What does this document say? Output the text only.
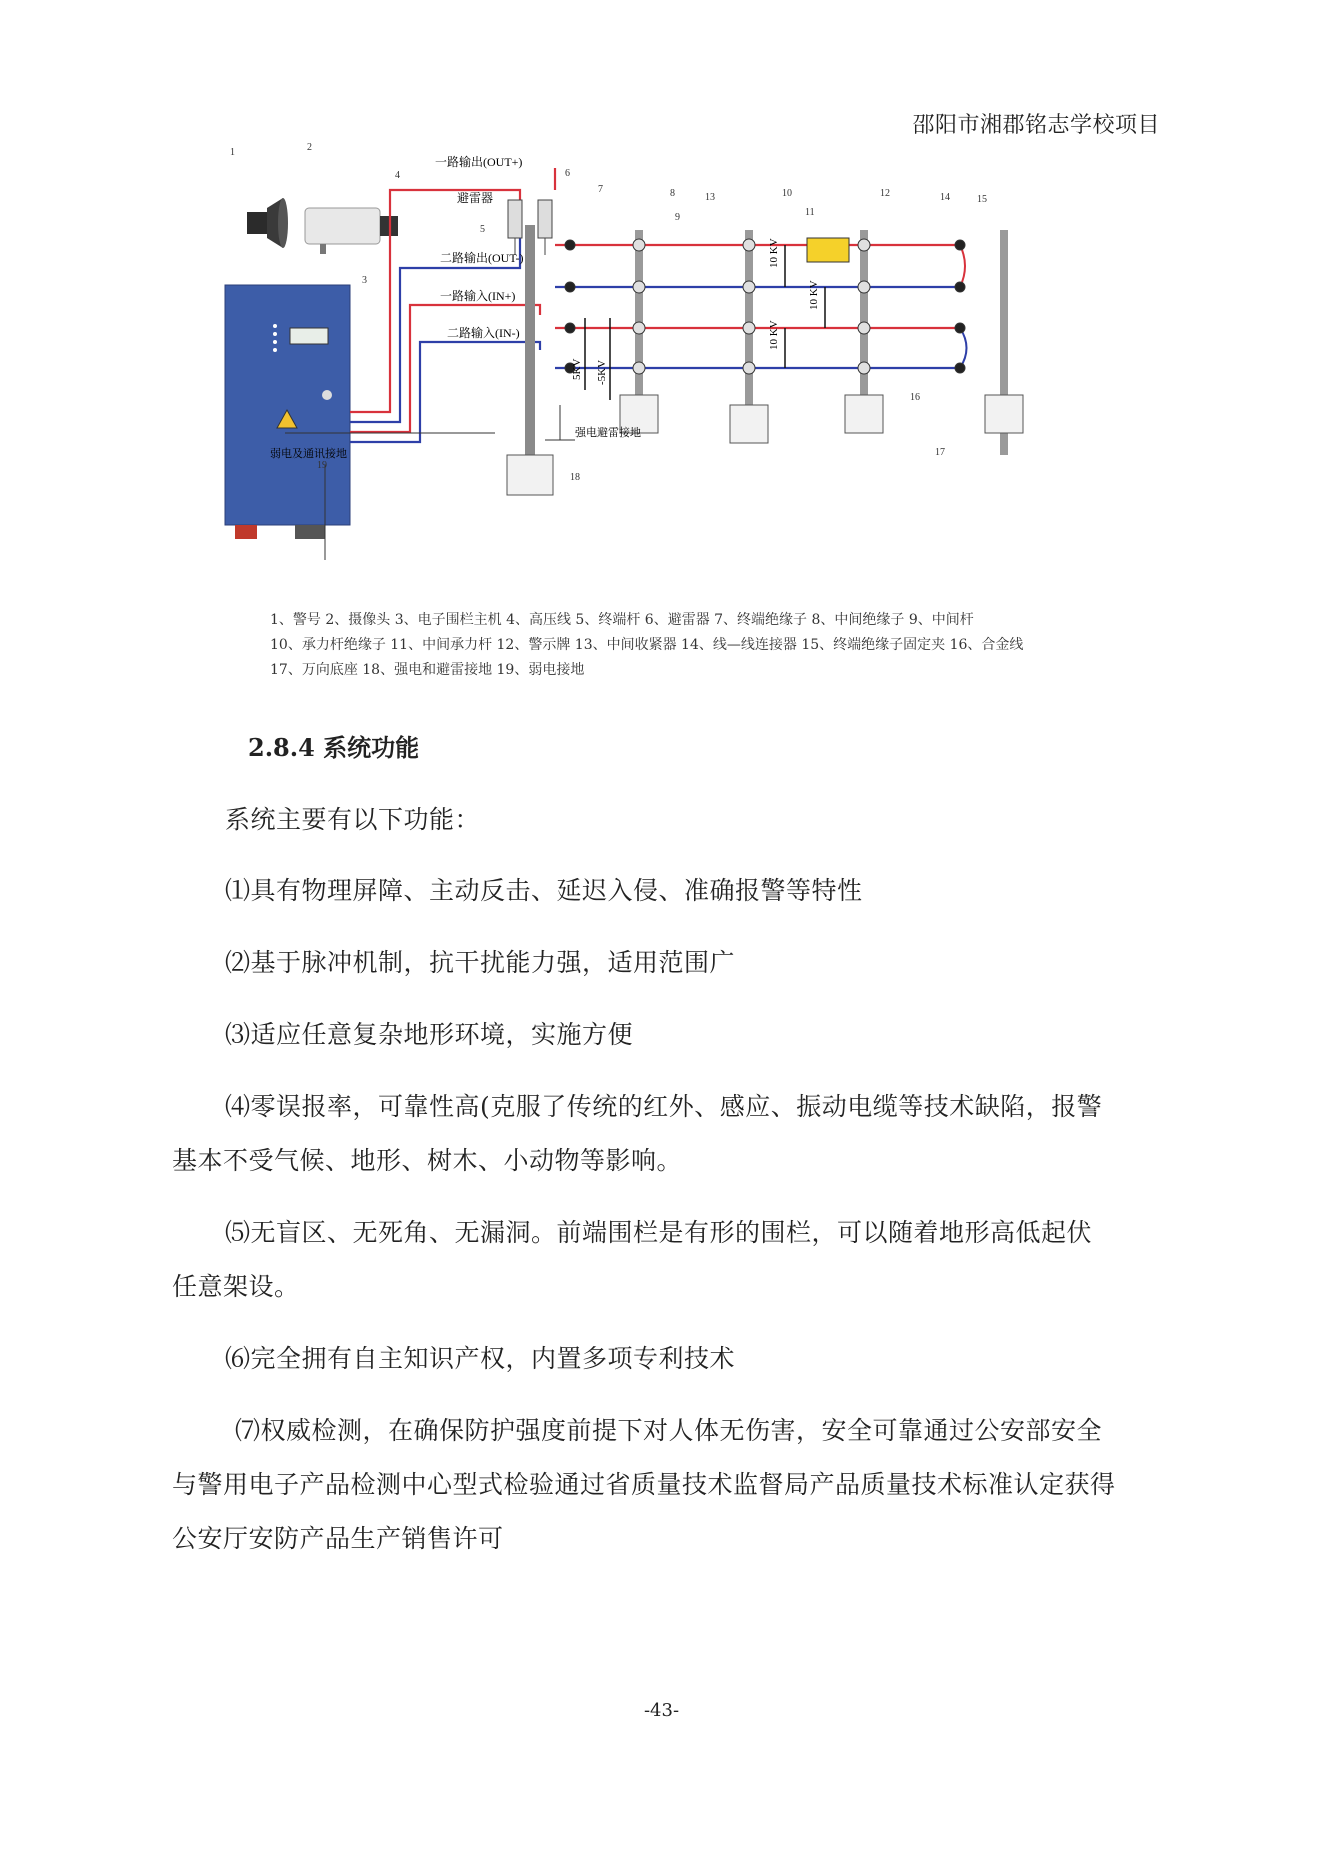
邵阳市湘郡铭志学校项目
一路输出(OUT+)
避雷器
二路输出(OUT-)
一路输入(IN+)
二路输入(IN-)
10 KV
10 KV
10 KV
5KV -5KV
强电避雷接地
弱电及通讯接地
1	2
3
4
5
6
7	8
9
10
11
12
13	14	15
16
17
18
19
1、警号 2、摄像头 3、电子围栏主机 4、高压线 5、终端杆 6、避雷器 7、终端绝缘子 8、中间绝缘子 9、中间杆
10、承力杆绝缘子 11、中间承力杆 12、警示牌 13、中间收紧器 14、线—线连接器 15、终端绝缘子固定夹 16、合金线
17、万向底座 18、强电和避雷接地 19、弱电接地
2.8.4 系统功能
系统主要有以下功能：
⑴具有物理屏障、主动反击、延迟入侵、准确报警等特性
⑵基于脉冲机制，抗干扰能力强，适用范围广
⑶适应任意复杂地形环境，实施方便
⑷零误报率，可靠性高(克服了传统的红外、感应、振动电缆等技术缺陷，报警
基本不受气候、地形、树木、小动物等影响。
⑸无盲区、无死角、无漏洞。前端围栏是有形的围栏，可以随着地形高低起伏
任意架设。
⑹完全拥有自主知识产权，内置多项专利技术
⑺权威检测，在确保防护强度前提下对人体无伤害，安全可靠通过公安部安全
与警用电子产品检测中心型式检验通过省质量技术监督局产品质量技术标准认定获得
公安厅安防产品生产销售许可
-43-
